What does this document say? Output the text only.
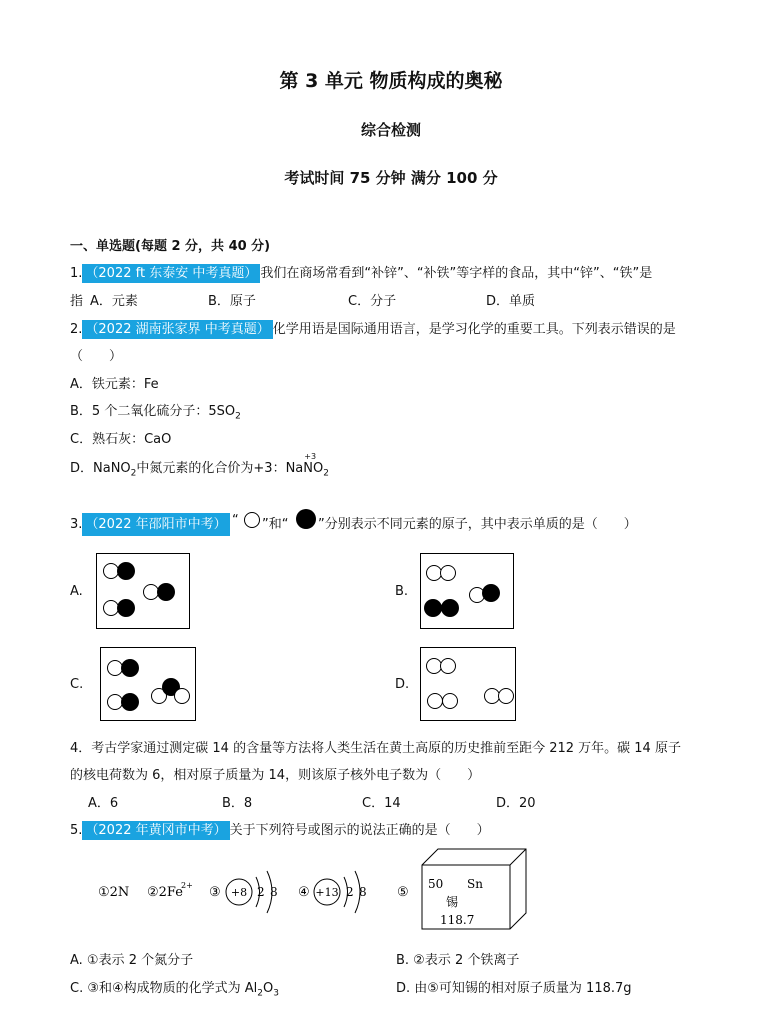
第 3 单元 物质构成的奥秘
综合检测
考试时间 75 分钟 满分 100 分
一、单选题(每题 2 分，共 40 分)
1. （2022 ft 东泰安 中考真题） 我们在商场常看到“补锌”、“补铁”等字样的食品，其中“锌”、“铁”是
指 A．元素	B．原子	C．分子	D．单质
2. （2022 湖南张家界 中考真题） 化学用语是国际通用语言，是学习化学的重要工具。下列表示错误的是
（　　）
A．铁元素：Fe
B．5 个二氧化硫分子：$5SO_2$
C．熟石灰：CaO
D．NaNO$_2$中氮元素的化合价为+3：NaN
+3
$O_2$
3. （2022 年邵阳市中考） “ ”和“ ”分别表示不同元素的原子，其中表示单质的是（　　）
A.	B.
C.	D.
4．考古学家通过测定碳 14 的含量等方法将人类生活在黄土高原的历史推前至距今 212 万年。碳 14 原子
的核电荷数为 6，相对原子质量为 14，则该原子核外电子数为（　　）
A．6	B．8	C．14	D．20
5. （2022 年黄冈市中考） 关于下列符号或图示的说法正确的是（　　）
①2N ②2Fe
2+ ③ +8 2 8 ④ +13 2 8 ⑤
50 Sn
锡
118.7
A. ①表示 2 个氮分子	B. ②表示 2 个铁离子
C. ③和④构成物质的化学式为 $Al_2O_3$	D. 由⑤可知锡的相对原子质量为 118.7g
